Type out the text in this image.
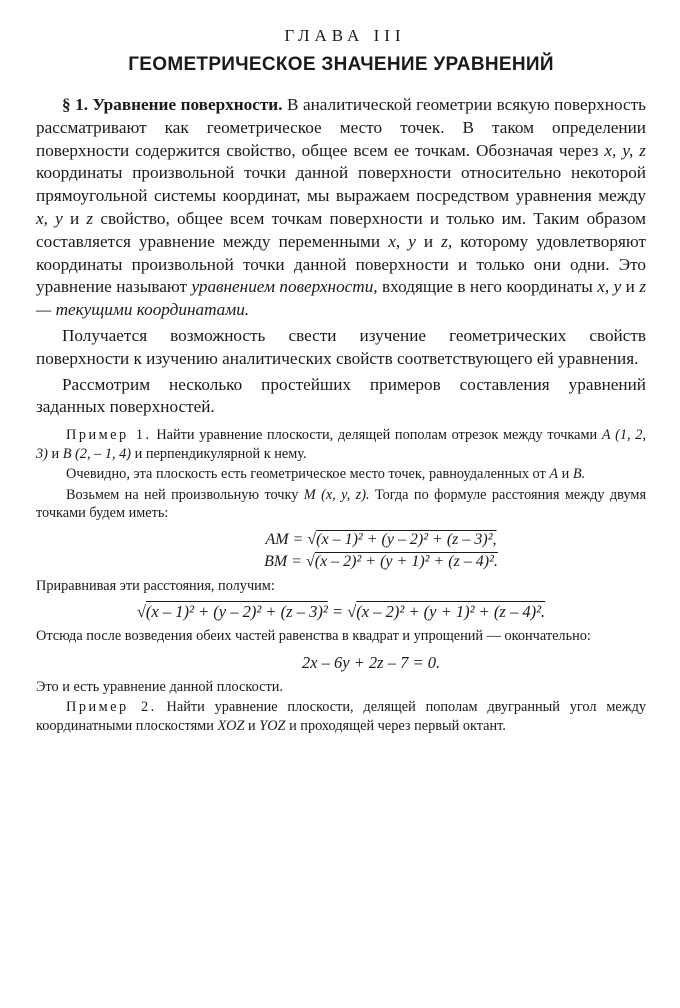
ГЛАВА III
ГЕОМЕТРИЧЕСКОЕ ЗНАЧЕНИЕ УРАВНЕНИЙ

§ 1. Уравнение поверхности. В аналитической геометрии всякую поверхность рассматривают как геометрическое место точек. В таком определении поверхности содержится свойство, общее всем ее точкам. Обозначая через x, y, z координаты произвольной точки данной поверхности относительно некоторой прямоугольной системы координат, мы выражаем посредством уравнения между x, y и z свойство, общее всем точкам поверхности и только им. Таким образом составляется уравнение между переменными x, y и z, которому удовлетворяют координаты произвольной точки данной поверхности и только они одни. Это уравнение называют уравнением поверхности, входящие в него координаты x, y и z — текущими координатами.

Получается возможность свести изучение геометрических свойств поверхности к изучению аналитических свойств соответствующего ей уравнения.

Рассмотрим несколько простейших примеров составления уравнений заданных поверхностей.

Пример 1. Найти уравнение плоскости, делящей пополам отрезок между точками A (1, 2, 3) и B (2, – 1, 4) и перпендикулярной к нему.

Очевидно, эта плоскость есть геометрическое место точек, равноудаленных от A и B.

Возьмем на ней произвольную точку M (x, y, z). Тогда по формуле расстояния между двумя точками будем иметь:

AM = √(x – 1)² + (y – 2)² + (z – 3)²,
BM = √(x – 2)² + (y + 1)² + (z – 4)².

Приравнивая эти расстояния, получим:

√(x – 1)² + (y – 2)² + (z – 3)² = √(x – 2)² + (y + 1)² + (z – 4)².

Отсюда после возведения обеих частей равенства в квадрат и упрощений — окончательно:

2x – 6y + 2z – 7 = 0.

Это и есть уравнение данной плоскости.

Пример 2. Найти уравнение плоскости, делящей пополам двугранный угол между координатными плоскостями XOZ и YOZ и проходящей через первый октант.
